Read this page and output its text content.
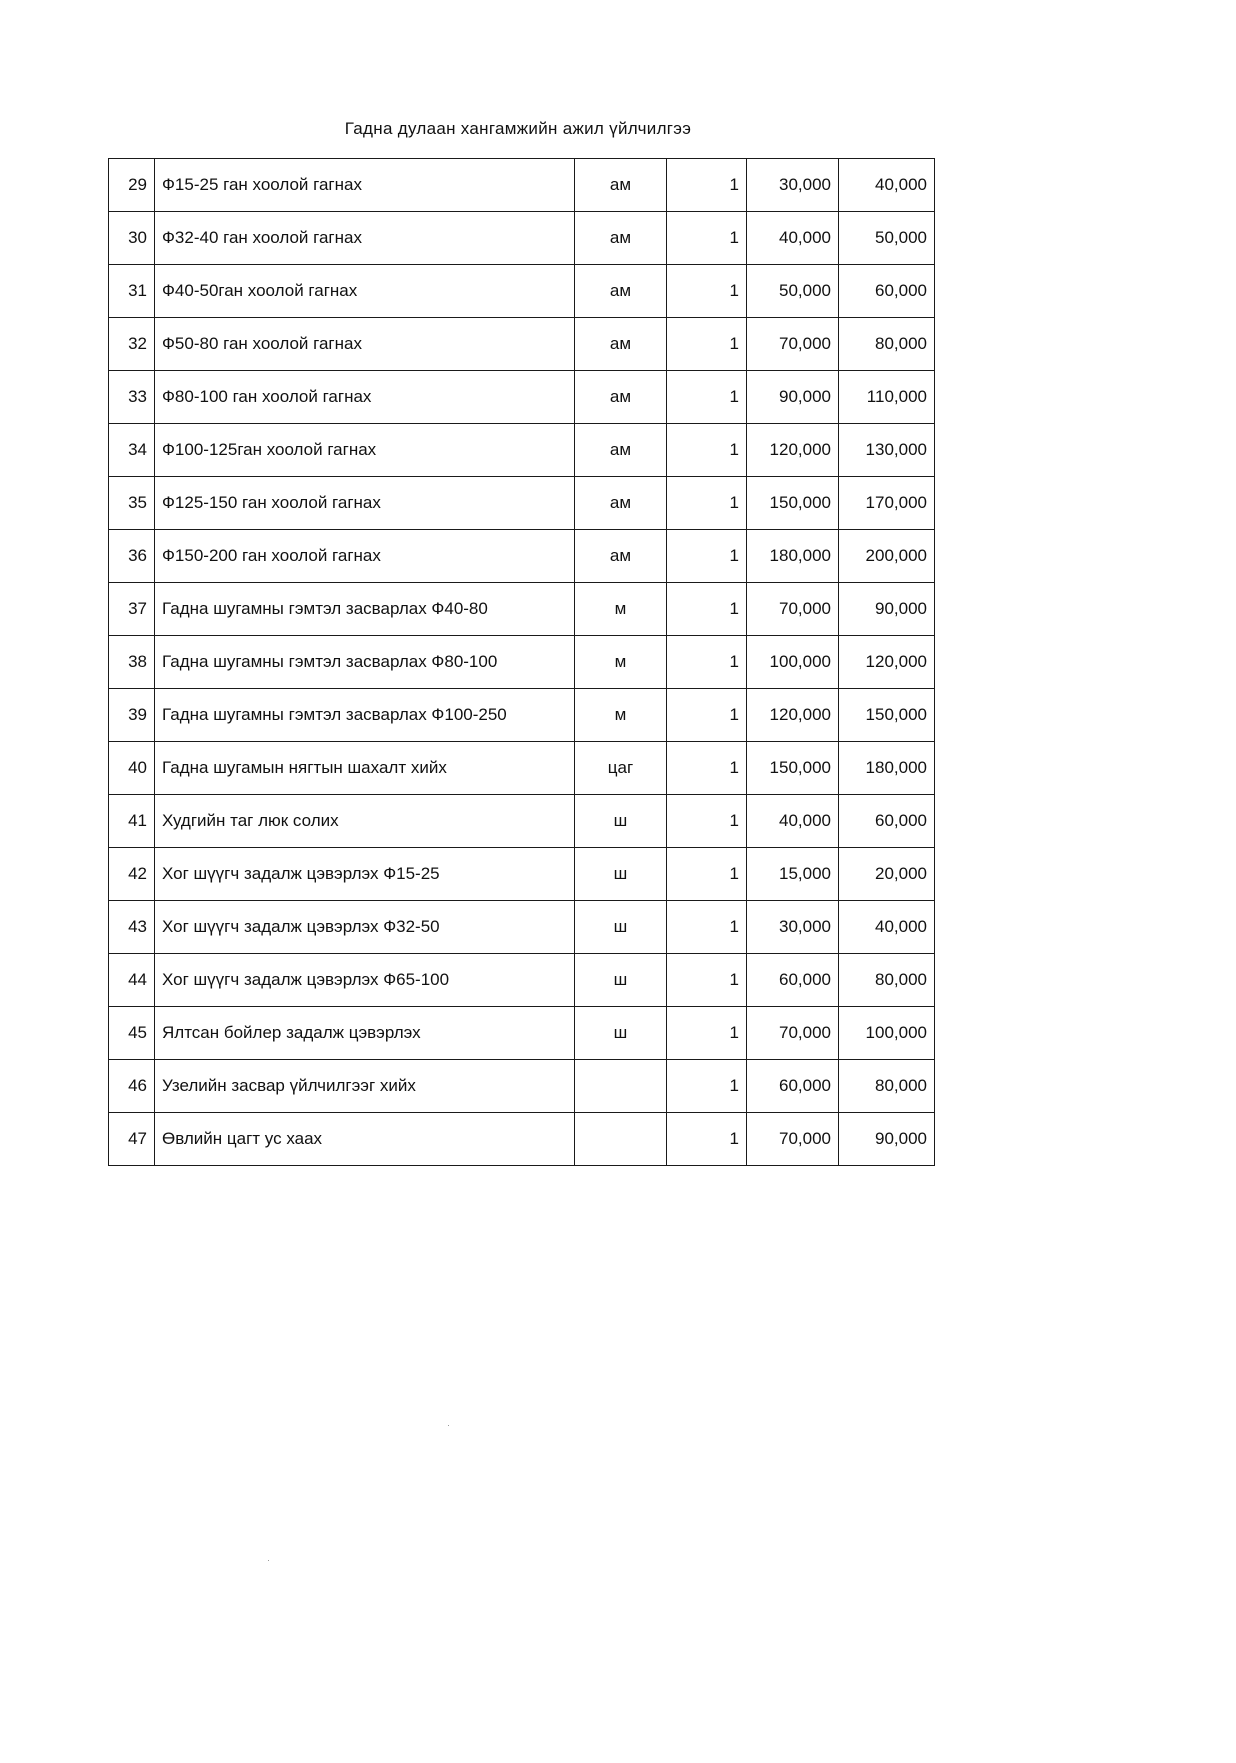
Гадна дулаан хангамжийн ажил үйлчилгээ
29	Ф15-25 ган хоолой гагнах	ам	1	30,000	40,000
30	Ф32-40 ган хоолой гагнах	ам	1	40,000	50,000
31	Ф40-50ган хоолой гагнах	ам	1	50,000	60,000
32	Ф50-80 ган хоолой гагнах	ам	1	70,000	80,000
33	Ф80-100 ган хоолой гагнах	ам	1	90,000	110,000
34	Ф100-125ган хоолой гагнах	ам	1	120,000	130,000
35	Ф125-150 ган хоолой гагнах	ам	1	150,000	170,000
36	Ф150-200 ган хоолой гагнах	ам	1	180,000	200,000
37	Гадна шугамны гэмтэл засварлах Ф40-80	м	1	70,000	90,000
38	Гадна шугамны гэмтэл засварлах Ф80-100	м	1	100,000	120,000
39	Гадна шугамны гэмтэл засварлах Ф100-250	м	1	120,000	150,000
40	Гадна шугамын нягтын шахалт хийх	цаг	1	150,000	180,000
41	Худгийн таг люк солих	ш	1	40,000	60,000
42	Хог шүүгч задалж цэвэрлэх Ф15-25	ш	1	15,000	20,000
43	Хог шүүгч задалж цэвэрлэх Ф32-50	ш	1	30,000	40,000
44	Хог шүүгч задалж цэвэрлэх Ф65-100	ш	1	60,000	80,000
45	Ялтсан бойлер задалж цэвэрлэх	ш	1	70,000	100,000
46	Узелийн засвар үйлчилгээг хийх		1	60,000	80,000
47	Өвлийн цагт ус хаах		1	70,000	90,000
